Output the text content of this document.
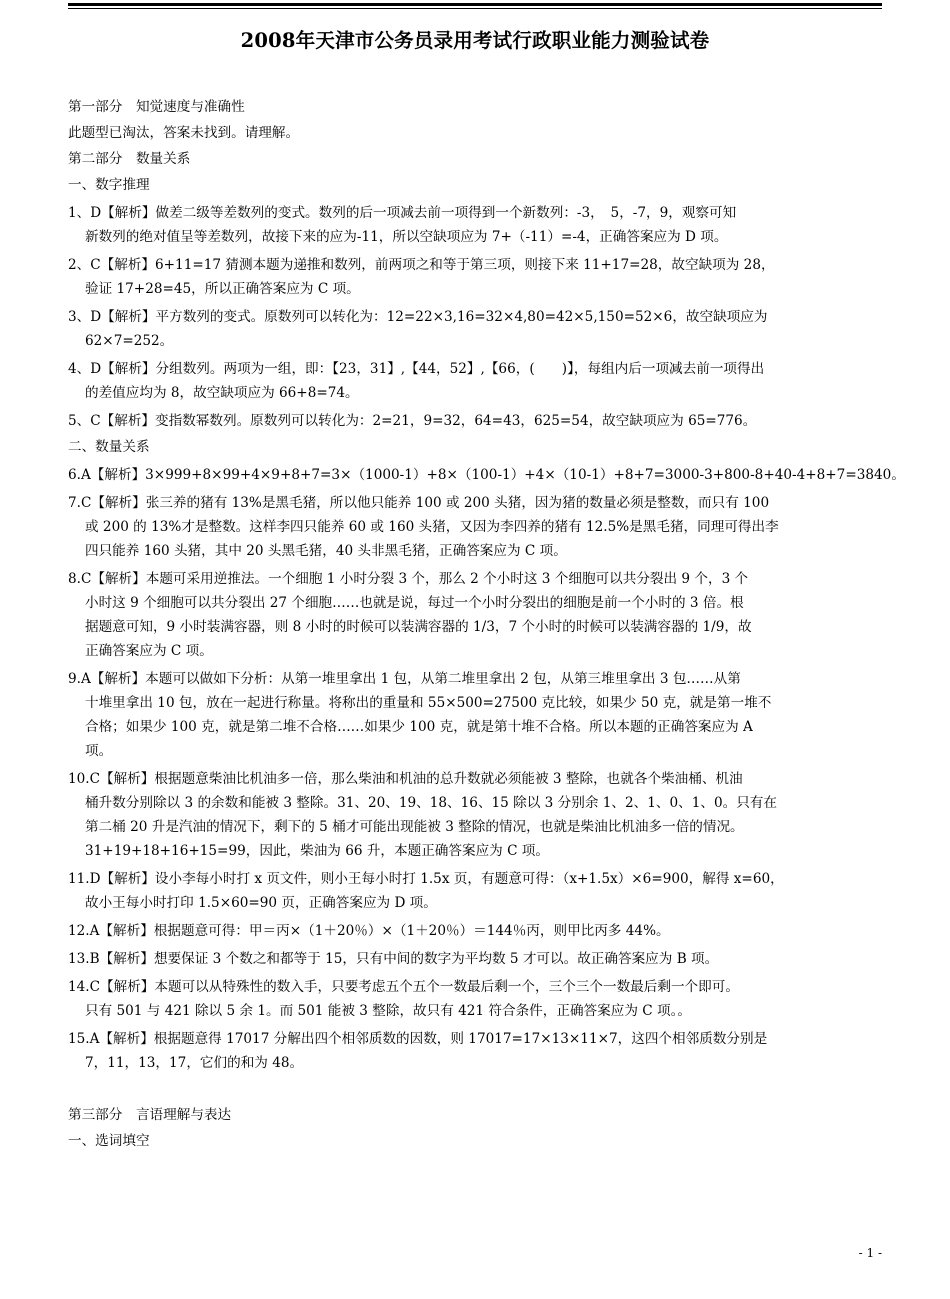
2008年天津市公务员录用考试行政职业能力测验试卷

第一部分　知觉速度与准确性

此题型已淘汰，答案未找到。请理解。

第二部分　数量关系

一、数字推理

1、D【解析】做差二级等差数列的变式。数列的后一项减去前一项得到一个新数列：-3，　5，-7，9，观察可知
新数列的绝对值呈等差数列，故接下来的应为-11，所以空缺项应为 7+（-11）=-4，正确答案应为 D 项。
2、C【解析】6+11=17 猜测本题为递推和数列，前两项之和等于第三项，则接下来 11+17=28，故空缺项为 28，
验证 17+28=45，所以正确答案应为 C 项。
3、D【解析】平方数列的变式。原数列可以转化为：12=22×3,16=32×4,80=42×5,150=52×6，故空缺项应为
62×7=252。
4、D【解析】分组数列。两项为一组，即：【23，31】,【44，52】,【66，(　　)】，每组内后一项减去前一项得出
的差值应均为 8，故空缺项应为 66+8=74。
5、C【解析】变指数幂数列。原数列可以转化为：2=21，9=32，64=43，625=54，故空缺项应为 65=776。

二、数量关系

6.A【解析】3×999+8×99+4×9+8+7=3×（1000-1）+8×（100-1）+4×（10-1）+8+7=3000-3+800-8+40-4+8+7=3840。
7.C【解析】张三养的猪有 13%是黑毛猪，所以他只能养 100 或 200 头猪，因为猪的数量必须是整数，而只有 100
或 200 的 13%才是整数。这样李四只能养 60 或 160 头猪，又因为李四养的猪有 12.5%是黑毛猪，同理可得出李
四只能养 160 头猪，其中 20 头黑毛猪，40 头非黑毛猪，正确答案应为 C 项。
8.C【解析】本题可采用逆推法。一个细胞 1 小时分裂 3 个，那么 2 个小时这 3 个细胞可以共分裂出 9 个，3 个
小时这 9 个细胞可以共分裂出 27 个细胞……也就是说，每过一个小时分裂出的细胞是前一个小时的 3 倍。根
据题意可知，9 小时装满容器，则 8 小时的时候可以装满容器的 1/3，7 个小时的时候可以装满容器的 1/9，故
正确答案应为 C 项。
9.A【解析】本题可以做如下分析：从第一堆里拿出 1 包，从第二堆里拿出 2 包，从第三堆里拿出 3 包……从第
十堆里拿出 10 包，放在一起进行称量。将称出的重量和 55×500=27500 克比较，如果少 50 克，就是第一堆不
合格；如果少 100 克，就是第二堆不合格……如果少 100 克，就是第十堆不合格。所以本题的正确答案应为 A
项。
10.C【解析】根据题意柴油比机油多一倍，那么柴油和机油的总升数就必须能被 3 整除，也就各个柴油桶、机油
桶升数分别除以 3 的余数和能被 3 整除。31、20、19、18、16、15 除以 3 分别余 1、2、1、0、1、0。只有在
第二桶 20 升是汽油的情况下，剩下的 5 桶才可能出现能被 3 整除的情况，也就是柴油比机油多一倍的情况。
31+19+18+16+15=99，因此，柴油为 66 升，本题正确答案应为 C 项。
11.D【解析】设小李每小时打 x 页文件，则小王每小时打 1.5x 页，有题意可得：（x+1.5x）×6=900，解得 x=60，
故小王每小时打印 1.5×60=90 页，正确答案应为 D 项。
12.A【解析】根据题意可得：甲＝丙×（1＋20％）×（1＋20％）＝144％丙，则甲比丙多 44%。
13.B【解析】想要保证 3 个数之和都等于 15，只有中间的数字为平均数 5 才可以。故正确答案应为 B 项。
14.C【解析】本题可以从特殊性的数入手，只要考虑五个五个一数最后剩一个，三个三个一数最后剩一个即可。
只有 501 与 421 除以 5 余 1。而 501 能被 3 整除，故只有 421 符合条件，正确答案应为 C 项。。
15.A【解析】根据题意得 17017 分解出四个相邻质数的因数，则 17017=17×13×11×7，这四个相邻质数分别是
7，11，13，17，它们的和为 48。

第三部分　言语理解与表达

一、选词填空

- 1 -
